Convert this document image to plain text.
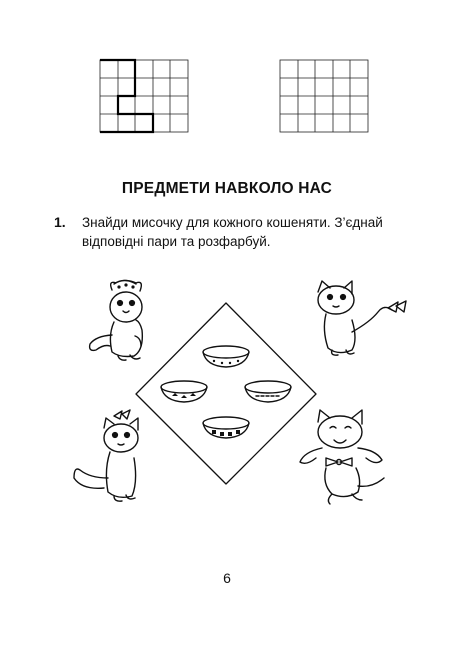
ПРЕДМЕТИ НАВКОЛО НАС
1. Знайди мисочку для кожного кошеняти. З’єднай відповідні пари та розфарбуй.
6
